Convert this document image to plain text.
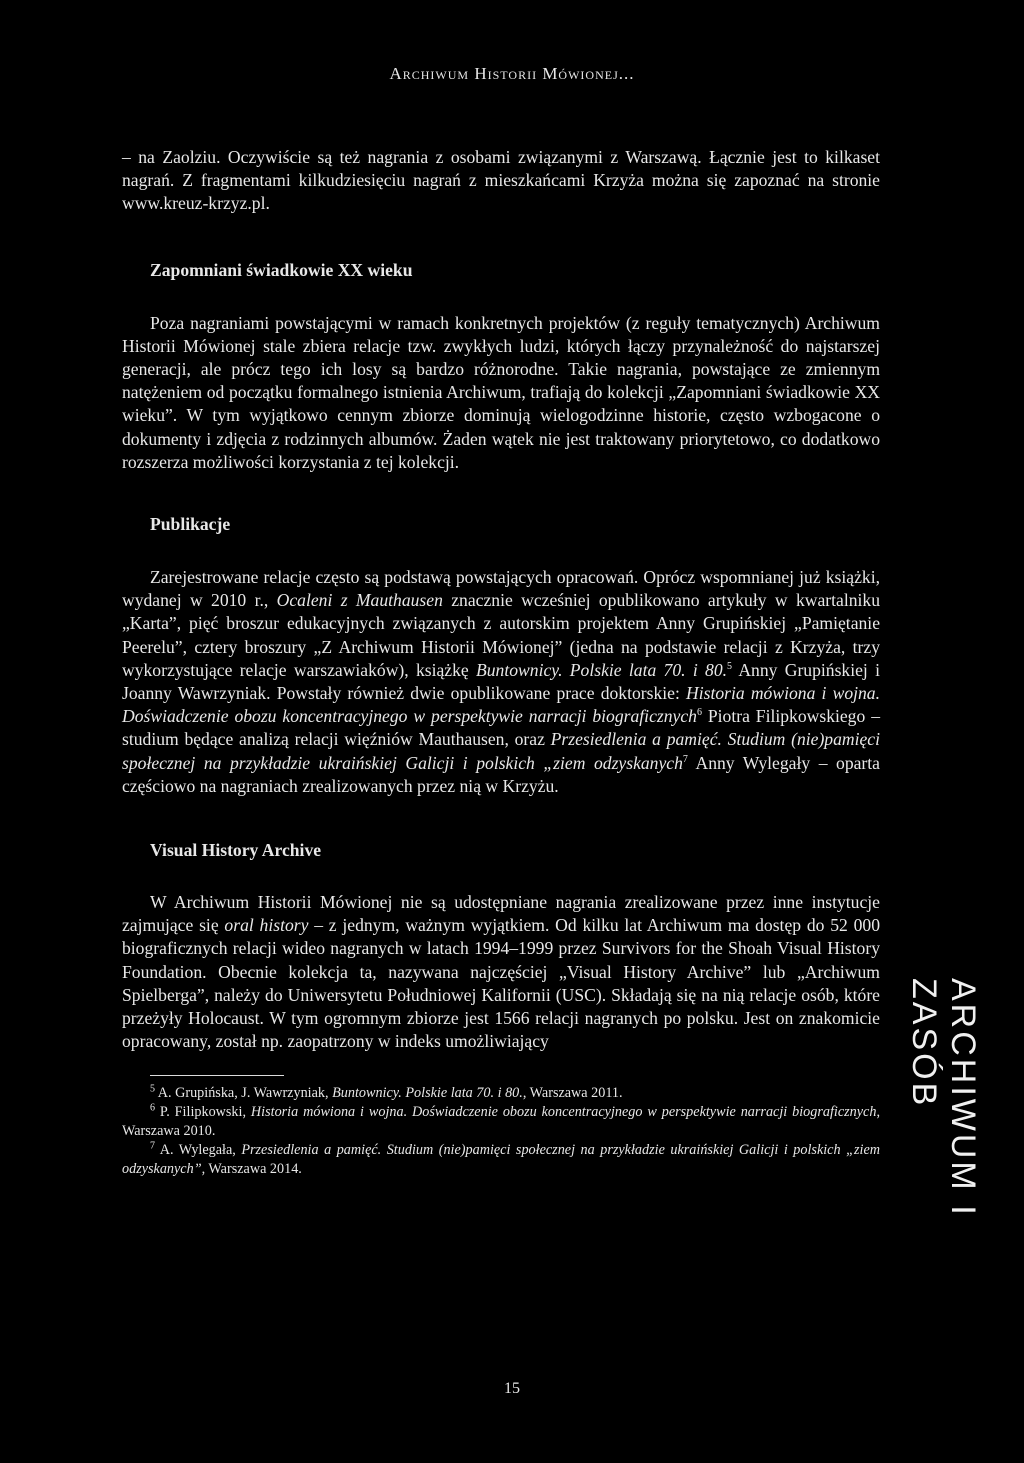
Archiwum Historii Mówionej...

– na Zaolziu. Oczywiście są też nagrania z osobami związanymi z Warszawą. Łącznie jest to kilkaset nagrań. Z fragmentami kilkudziesięciu nagrań z mieszkańcami Krzyża można się zapoznać na stronie www.kreuz-krzyz.pl.

Zapomniani świadkowie XX wieku

Poza nagraniami powstającymi w ramach konkretnych projektów (z reguły tematycznych) Archiwum Historii Mówionej stale zbiera relacje tzw. zwykłych ludzi, których łączy przynależność do najstarszej generacji, ale prócz tego ich losy są bardzo różnorodne. Takie nagrania, powstające ze zmiennym natężeniem od początku formalnego istnienia Archiwum, trafiają do kolekcji „Zapomniani świadkowie XX wieku”. W tym wyjątkowo cennym zbiorze dominują wielogodzinne historie, często wzbogacone o dokumenty i zdjęcia z rodzinnych albumów. Żaden wątek nie jest traktowany priorytetowo, co dodatkowo rozszerza możliwości korzystania z tej kolekcji.

Publikacje

Zarejestrowane relacje często są podstawą powstających opracowań. Oprócz wspomnianej już książki, wydanej w 2010 r., Ocaleni z Mauthausen znacznie wcześniej opublikowano artykuły w kwartalniku „Karta”, pięć broszur edukacyjnych związanych z autorskim projektem Anny Grupińskiej „Pamiętanie Peerelu”, cztery broszury „Z Archiwum Historii Mówionej” (jedna na podstawie relacji z Krzyża, trzy wykorzystujące relacje warszawiaków), książkę Buntownicy. Polskie lata 70. i 80.$^5$ Anny Grupińskiej i Joanny Wawrzyniak. Powstały również dwie opublikowane prace doktorskie: Historia mówiona i wojna. Doświadczenie obozu koncentracyjnego w perspektywie narracji biograficznych$^6$ Piotra Filipkowskiego – studium będące analizą relacji więźniów Mauthausen, oraz Przesiedlenia a pamięć. Studium (nie)pamięci społecznej na przykładzie ukraińskiej Galicji i polskich „ziem odzyskanych$^7$ Anny Wylegały – oparta częściowo na nagraniach zrealizowanych przez nią w Krzyżu.

Visual History Archive

W Archiwum Historii Mówionej nie są udostępniane nagrania zrealizowane przez inne instytucje zajmujące się oral history – z jednym, ważnym wyjątkiem. Od kilku lat Archiwum ma dostęp do 52 000 biograficznych relacji wideo nagranych w latach 1994–1999 przez Survivors for the Shoah Visual History Foundation. Obecnie kolekcja ta, nazywana najczęściej „Visual History Archive” lub „Archiwum Spielberga”, należy do Uniwersytetu Południowej Kalifornii (USC). Składają się na nią relacje osób, które przeżyły Holocaust. W tym ogromnym zbiorze jest 1566 relacji nagranych po polsku. Jest on znakomicie opracowany, został np. zaopatrzony w indeks umożliwiający

$^5$ A. Grupińska, J. Wawrzyniak, Buntownicy. Polskie lata 70. i 80., Warszawa 2011.

$^6$ P. Filipkowski, Historia mówiona i wojna. Doświadczenie obozu koncentracyjnego w perspektywie narracji biograficznych, Warszawa 2010.

$^7$ A. Wylegała, Przesiedlenia a pamięć. Studium (nie)pamięci społecznej na przykładzie ukraińskiej Galicji i polskich „ziem odzyskanych”, Warszawa 2014.	ARCHIWUM I ZASÓB
15
